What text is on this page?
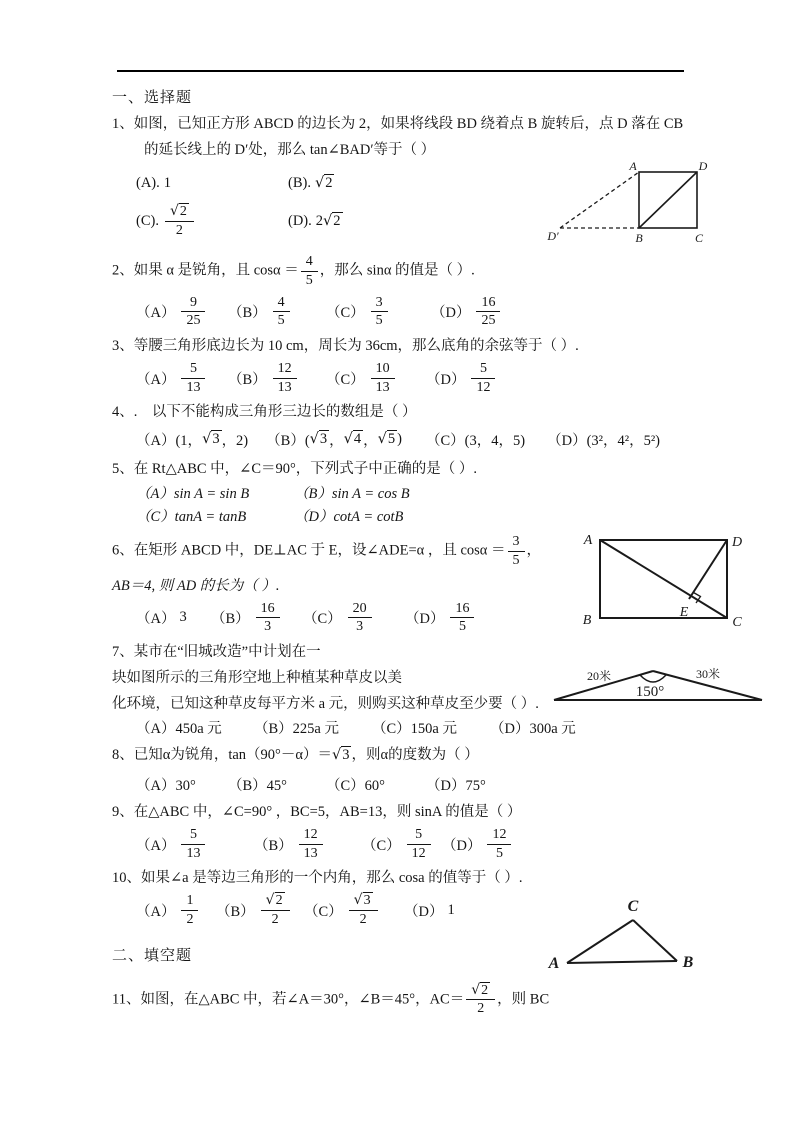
A	D
B	C
D′
A	D
B	C
E
20米	30米
150°
C
A	B

一、选择题

1、如图，已知正方形 ABCD 的边长为 2，如果将线段 BD 绕着点 B 旋转后，点 D 落在 CB

的延长线上的 D′处，那么 tan∠BAD′等于（ ）

(A). 1	(B). √ 2
(C). √ $\frac{2}{2}$	(D). 2 √ 2

2、如果 α 是锐角，且 $\cos\alpha = \frac{4}{5}$ ，那么 sinα 的值是（ ）.

$(A) \frac{9}{25} (B) \frac{4}{5}$	$(C) \frac{3}{5}$	$(D) \frac{16}{25}$

3、等腰三角形底边长为 10 cm，周长为 36cm，那么底角的余弦等于（ ）.

$(A) \frac{5}{13} (B) \frac{12}{13} (C) \frac{10}{13} (D) \frac{5}{12}$

4、.　以下不能构成三角形三边长的数组是（ ）

（A）(1， √ 3 ，2) （B）( √ 3 ， √ 4 ， √ 5 ) （C）(3，4，5) （D）(3²，4²，5²)

5、在 Rt△ABC 中，∠C＝90°，下列式子中正确的是（ ）.

（A）sin A = sin B	（B）sin A = cos B
（C）tanA = tanB	（D）cotA = cotB

6、在矩形 ABCD 中，DE⊥AC 于 E，设∠ADE=α ，且 $\cos\alpha = \frac{3}{5}$ ，

AB＝4, 则 AD 的长为（ ）.

（A） 3 $(B) \frac{16}{3} (C) \frac{20}{3} (D) \frac{16}{5}$

7、某市在“旧城改造”中计划在一

块如图所示的三角形空地上种植某种草皮以美

化环境，已知这种草皮每平方米 a 元，则购买这种草皮至少要（ ）.

（A）450a 元	（B）225a 元	（C）150a 元	（D）300a 元

8、已知α为锐角，tan（90°－α）＝ √ 3 ，则α的度数为（ ）

（A）30°	（B）45°	（C）60°	（D）75°

9、在△ABC 中，∠C=90° ，BC=5，AB=13，则 sinA 的值是（ ）

$(A) \frac{5}{13}$	$(B) \frac{12}{13}$	$(C) \frac{5}{12} (D) \frac{12}{5}$

10、如果∠a 是等边三角形的一个内角，那么 cosa 的值等于（ ）.

$(A) \frac{1}{2} (B)$ √ $\frac{2}{2} (C)$ √ $\frac{3}{2} (D)$ 1

二、填空题

11、如图，在△ABC 中，若∠A＝30°，∠B＝45°，AC＝ √ $\frac{2}{2}$ ，则 BC
